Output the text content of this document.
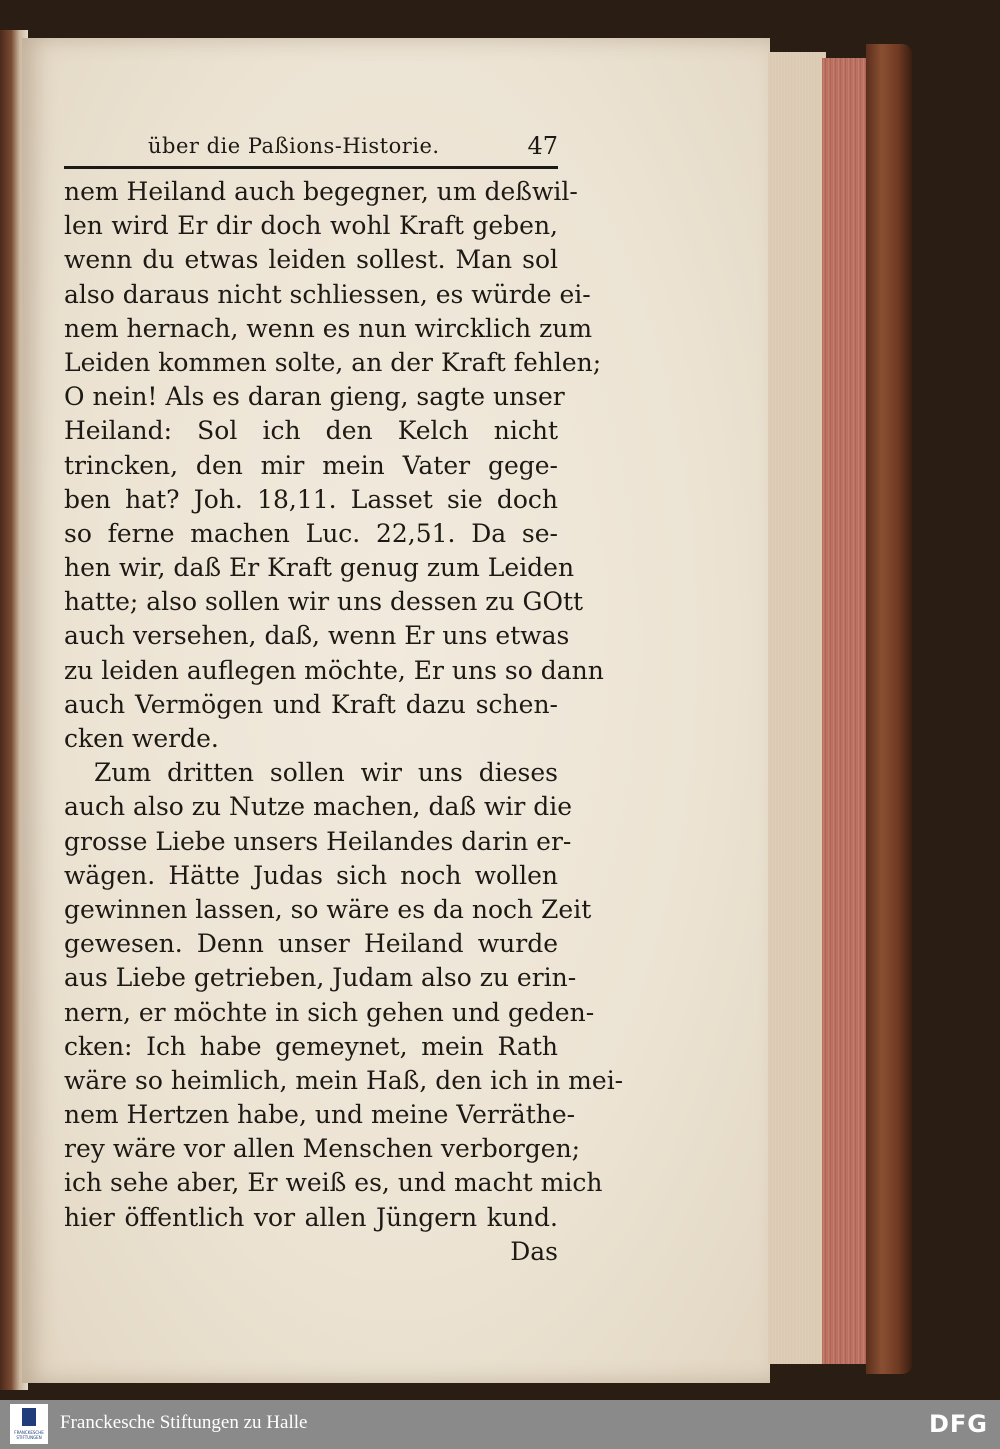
über die Paßions-Historie.	47
nem Heiland auch begegner, um deßwil-
len wird Er dir doch wohl Kraft geben,
wenn du etwas leiden sollest. Man sol
also daraus nicht schliessen, es würde ei-
nem hernach, wenn es nun wircklich zum
Leiden kommen solte, an der Kraft fehlen;
O nein! Als es daran gieng, sagte unser
Heiland: Sol ich den Kelch nicht
trincken, den mir mein Vater gege-
ben hat? Joh. 18,11. Lasset sie doch
so ferne machen Luc. 22,51. Da se-
hen wir, daß Er Kraft genug zum Leiden
hatte; also sollen wir uns dessen zu GOtt
auch versehen, daß, wenn Er uns etwas
zu leiden auflegen möchte, Er uns so dann
auch Vermögen und Kraft dazu schen-
cken werde.
Zum dritten sollen wir uns dieses
auch also zu Nutze machen, daß wir die
grosse Liebe unsers Heilandes darin er-
wägen. Hätte Judas sich noch wollen
gewinnen lassen, so wäre es da noch Zeit
gewesen. Denn unser Heiland wurde
aus Liebe getrieben, Judam also zu erin-
nern, er möchte in sich gehen und geden-
cken: Ich habe gemeynet, mein Rath
wäre so heimlich, mein Haß, den ich in mei-
nem Hertzen habe, und meine Verräthe-
rey wäre vor allen Menschen verborgen;
ich sehe aber, Er weiß es, und macht mich
hier öffentlich vor allen Jüngern kund.
Das
FRANCKESCHE STIFTUNGEN
Franckesche Stiftungen zu Halle	DFG
